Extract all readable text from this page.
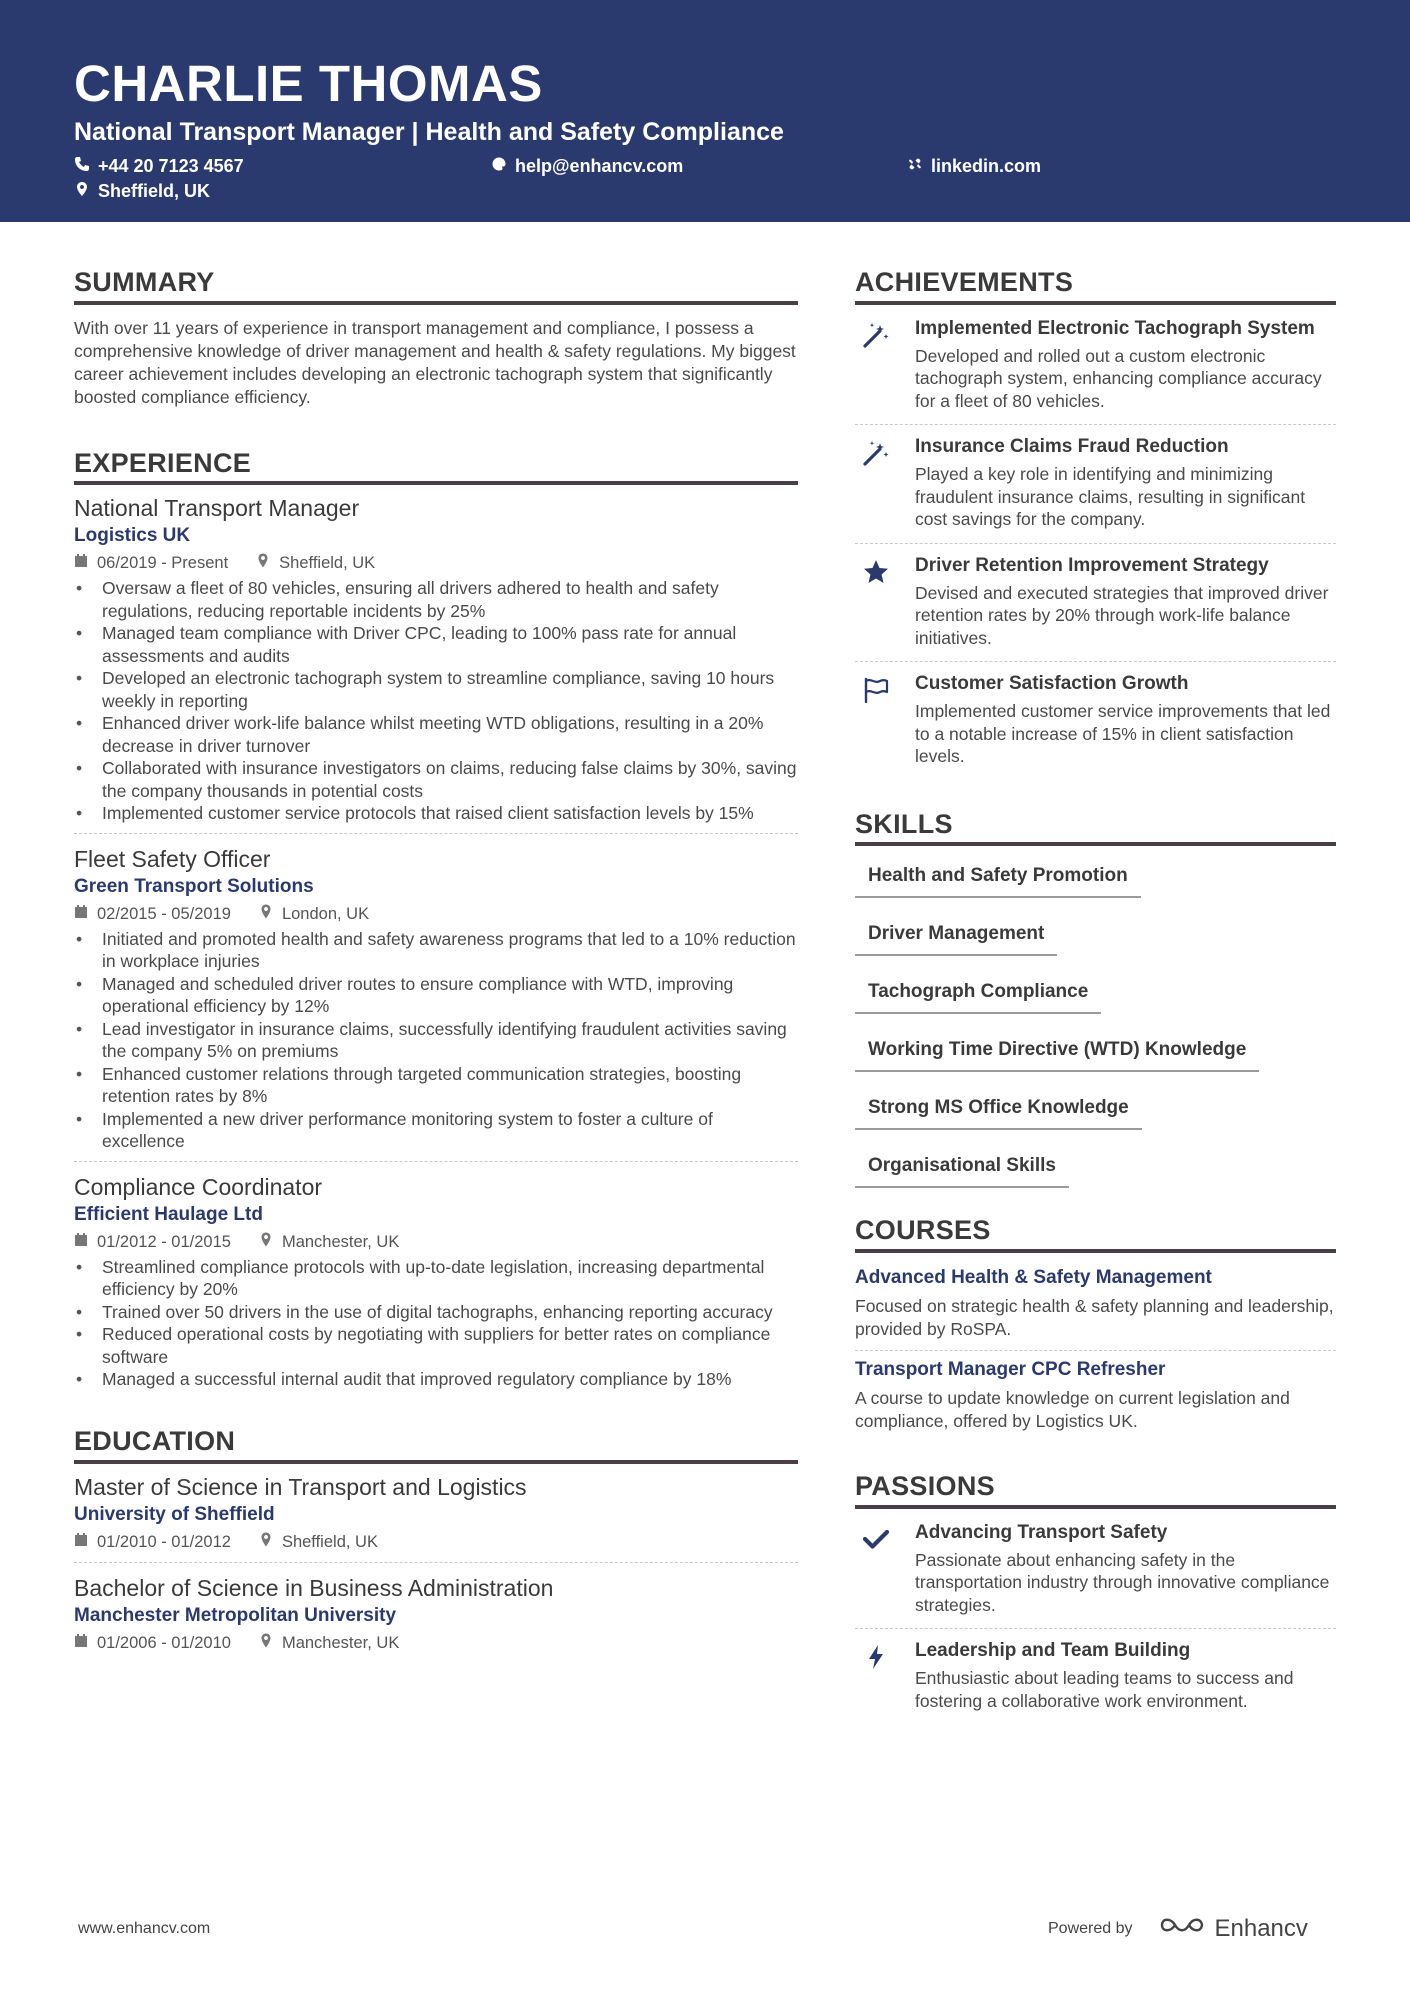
CHARLIE THOMAS
National Transport Manager | Health and Safety Compliance
+44 20 7123 4567	help@enhancv.com	linkedin.com
Sheffield, UK
SUMMARY

With over 11 years of experience in transport management and compliance, I possess a comprehensive knowledge of driver management and health & safety regulations. My biggest career achievement includes developing an electronic tachograph system that significantly boosted compliance efficiency.

EXPERIENCE
National Transport Manager
Logistics UK
06/2019 - Present	Sheffield, UK
• Oversaw a fleet of 80 vehicles, ensuring all drivers adhered to health and safety regulations, reducing reportable incidents by 25%
• Managed team compliance with Driver CPC, leading to 100% pass rate for annual assessments and audits
• Developed an electronic tachograph system to streamline compliance, saving 10 hours weekly in reporting
• Enhanced driver work-life balance whilst meeting WTD obligations, resulting in a 20% decrease in driver turnover
• Collaborated with insurance investigators on claims, reducing false claims by 30%, saving the company thousands in potential costs
• Implemented customer service protocols that raised client satisfaction levels by 15%
Fleet Safety Officer
Green Transport Solutions
02/2015 - 05/2019	London, UK
• Initiated and promoted health and safety awareness programs that led to a 10% reduction in workplace injuries
• Managed and scheduled driver routes to ensure compliance with WTD, improving operational efficiency by 12%
• Lead investigator in insurance claims, successfully identifying fraudulent activities saving the company 5% on premiums
• Enhanced customer relations through targeted communication strategies, boosting retention rates by 8%
• Implemented a new driver performance monitoring system to foster a culture of excellence
Compliance Coordinator
Efficient Haulage Ltd
01/2012 - 01/2015	Manchester, UK
• Streamlined compliance protocols with up-to-date legislation, increasing departmental efficiency by 20%
• Trained over 50 drivers in the use of digital tachographs, enhancing reporting accuracy
• Reduced operational costs by negotiating with suppliers for better rates on compliance software
• Managed a successful internal audit that improved regulatory compliance by 18%
EDUCATION
Master of Science in Transport and Logistics
University of Sheffield
01/2010 - 01/2012	Sheffield, UK
Bachelor of Science in Business Administration
Manchester Metropolitan University
01/2006 - 01/2010	Manchester, UK
ACHIEVEMENTS
Implemented Electronic Tachograph System
Developed and rolled out a custom electronic tachograph system, enhancing compliance accuracy for a fleet of 80 vehicles.
Insurance Claims Fraud Reduction
Played a key role in identifying and minimizing fraudulent insurance claims, resulting in significant cost savings for the company.
Driver Retention Improvement Strategy
Devised and executed strategies that improved driver retention rates by 20% through work-life balance initiatives.
Customer Satisfaction Growth
Implemented customer service improvements that led to a notable increase of 15% in client satisfaction levels.
SKILLS
Health and Safety Promotion
Driver Management
Tachograph Compliance
Working Time Directive (WTD) Knowledge
Strong MS Office Knowledge
Organisational Skills
COURSES
Advanced Health & Safety Management
Focused on strategic health & safety planning and leadership, provided by RoSPA.
Transport Manager CPC Refresher
A course to update knowledge on current legislation and compliance, offered by Logistics UK.
PASSIONS
Advancing Transport Safety
Passionate about enhancing safety in the transportation industry through innovative compliance strategies.
Leadership and Team Building
Enthusiastic about leading teams to success and fostering a collaborative work environment.
www.enhancv.com	Powered by	Enhancv
